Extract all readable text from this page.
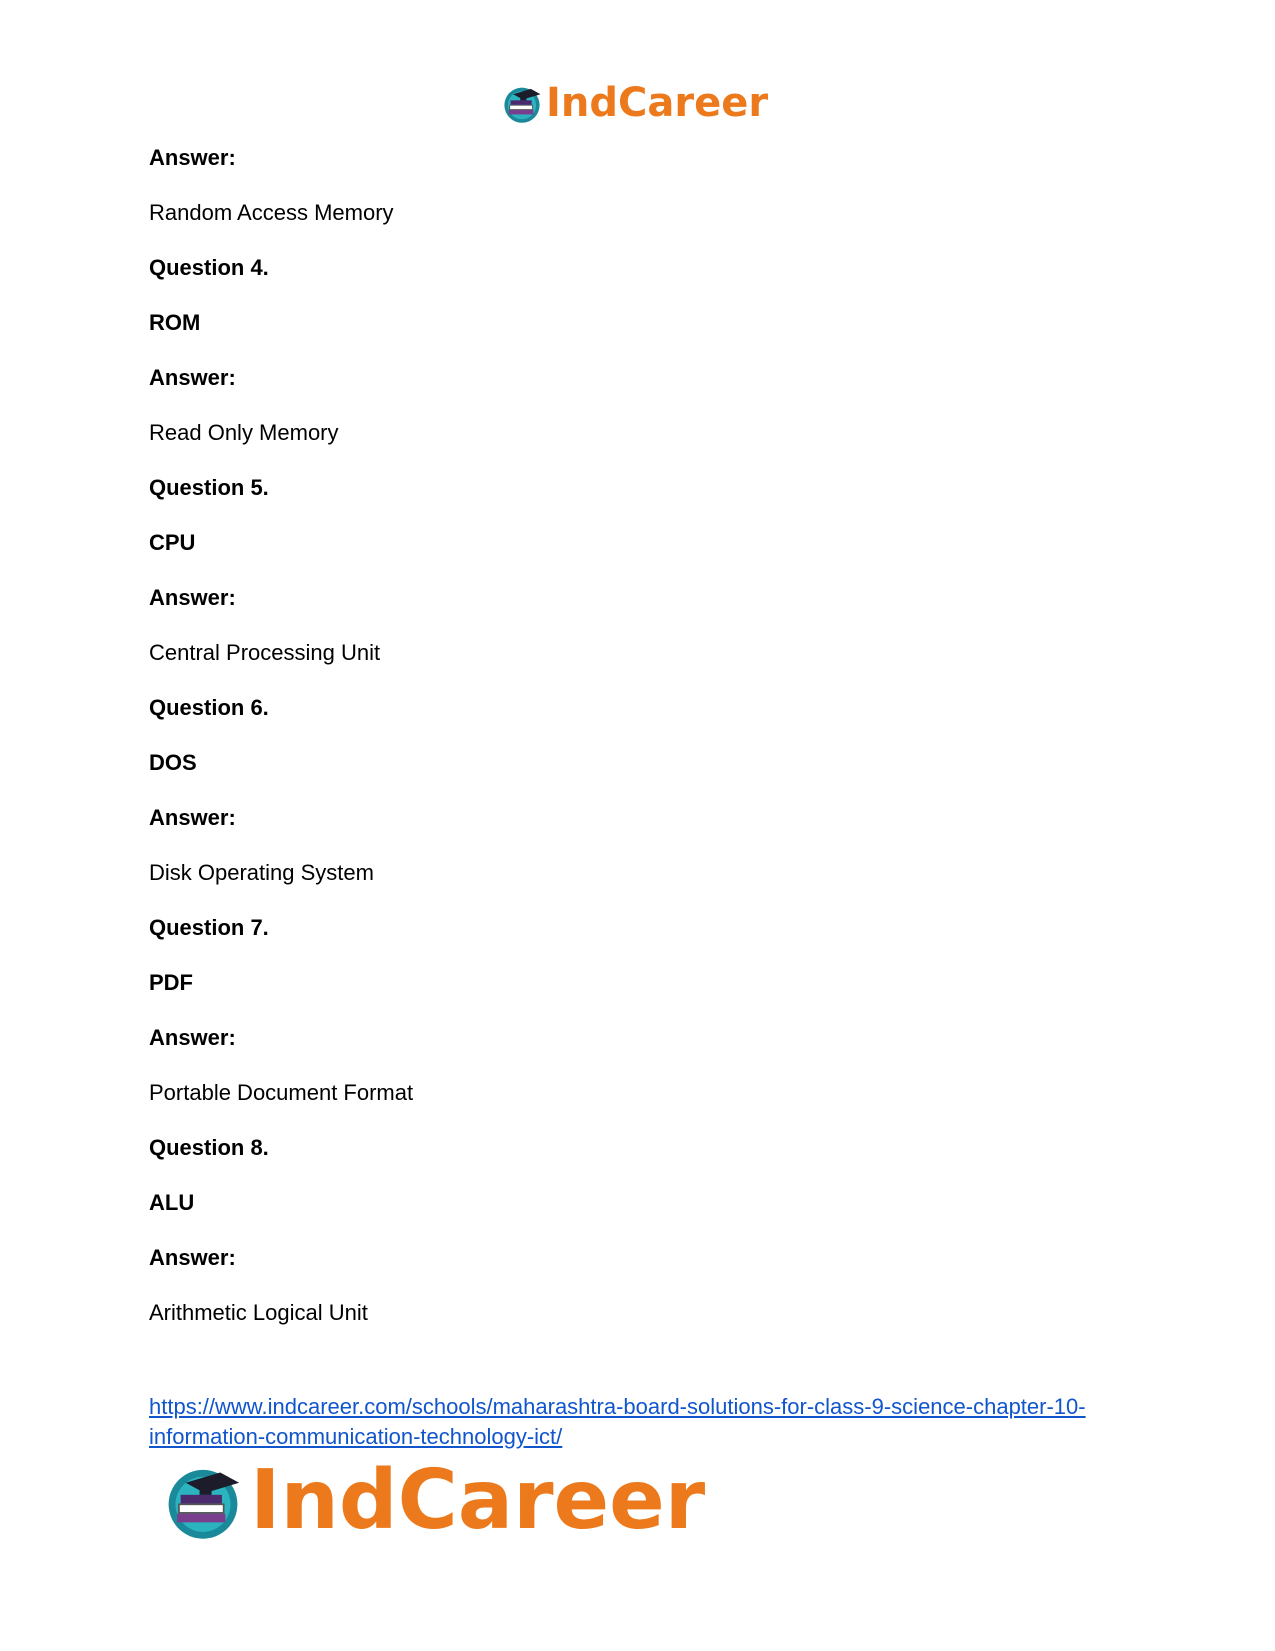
IndCareer

Answer:

Random Access Memory

Question 4.

ROM

Answer:

Read Only Memory

Question 5.

CPU

Answer:

Central Processing Unit

Question 6.

DOS

Answer:

Disk Operating System

Question 7.

PDF

Answer:

Portable Document Format

Question 8.

ALU

Answer:

Arithmetic Logical Unit

https://www.indcareer.com/schools/maharashtra-board-solutions-for-class-9-science-chapter-10-
information-communication-technology-ict/
IndCareer
